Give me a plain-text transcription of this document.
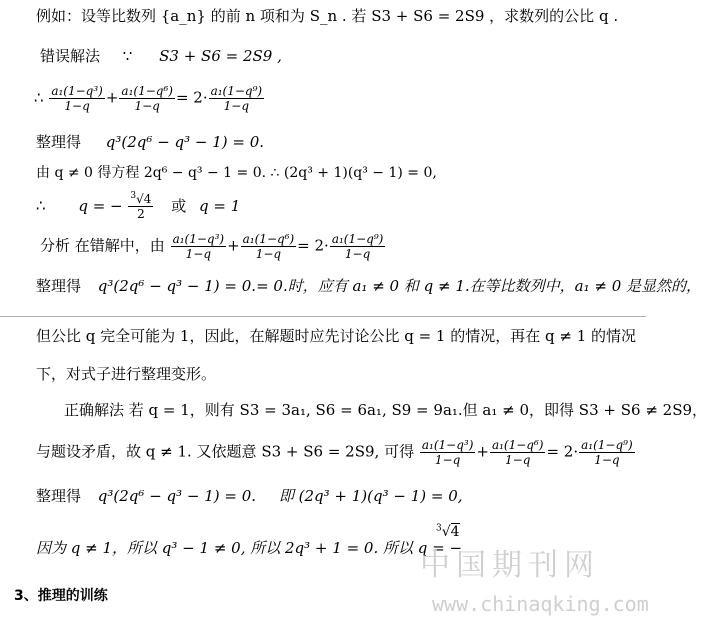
例如：设等比数列 {a_n} 的前 n 项和为 S_n . 若 S3 + S6 = 2S9 ，求数列的公比 q .
错误解法 ∵ S3 + S6 = 2S9 ,
∴ $\frac{\text{a₁(1−q³)}}{1-q} + \frac{\text{a₁(1−q⁶)}}{1-q} = 2\cdot \frac{\text{a₁(1−q⁹)}}{1-q}$
整理得 q³(2q⁶ − q³ − 1) = 0.
由 q ≠ 0 得方程 2q⁶ − q³ − 1 = 0. ∴ (2q³ + 1)(q³ − 1) = 0,
∴ q = − $\frac{^3√4}{2}$ 或 q = 1
分析 在错解中，由 $\frac{\text{a₁(1−q³)}}{1-q} + \frac{\text{a₁(1−q⁶)}}{1-q} = 2\cdot \frac{\text{a₁(1−q⁹)}}{1-q}$
整理得 q³(2q⁶ − q³ − 1) = 0.= 0.时，应有 a₁ ≠ 0 和 q ≠ 1.在等比数列中，a₁ ≠ 0 是显然的，
但公比 q 完全可能为 1，因此，在解题时应先讨论公比 q = 1 的情况，再在 q ≠ 1 的情况
下，对式子进行整理变形。
正确解法 若 q = 1，则有 S3 = 3a₁, S6 = 6a₁, S9 = 9a₁.但 a₁ ≠ 0，即得 S3 + S6 ≠ 2S9，
与题设矛盾，故 q ≠ 1. 又依题意 S3 + S6 = 2S9, 可得 $\frac{\text{a₁(1−q³)}}{1-q} + \frac{\text{a₁(1−q⁶)}}{1-q} = 2\cdot \frac{\text{a₁(1−q⁹)}}{1-q}$
整理得 q³(2q⁶ − q³ − 1) = 0. 即 (2q³ + 1)(q³ − 1) = 0,
因为 q ≠ 1，所以 q³ − 1 ≠ 0, 所以 2q³ + 1 = 0. 所以 q = −
$^3$√4
中国期刊网
3、推理的训练	www.chinaqking.com
